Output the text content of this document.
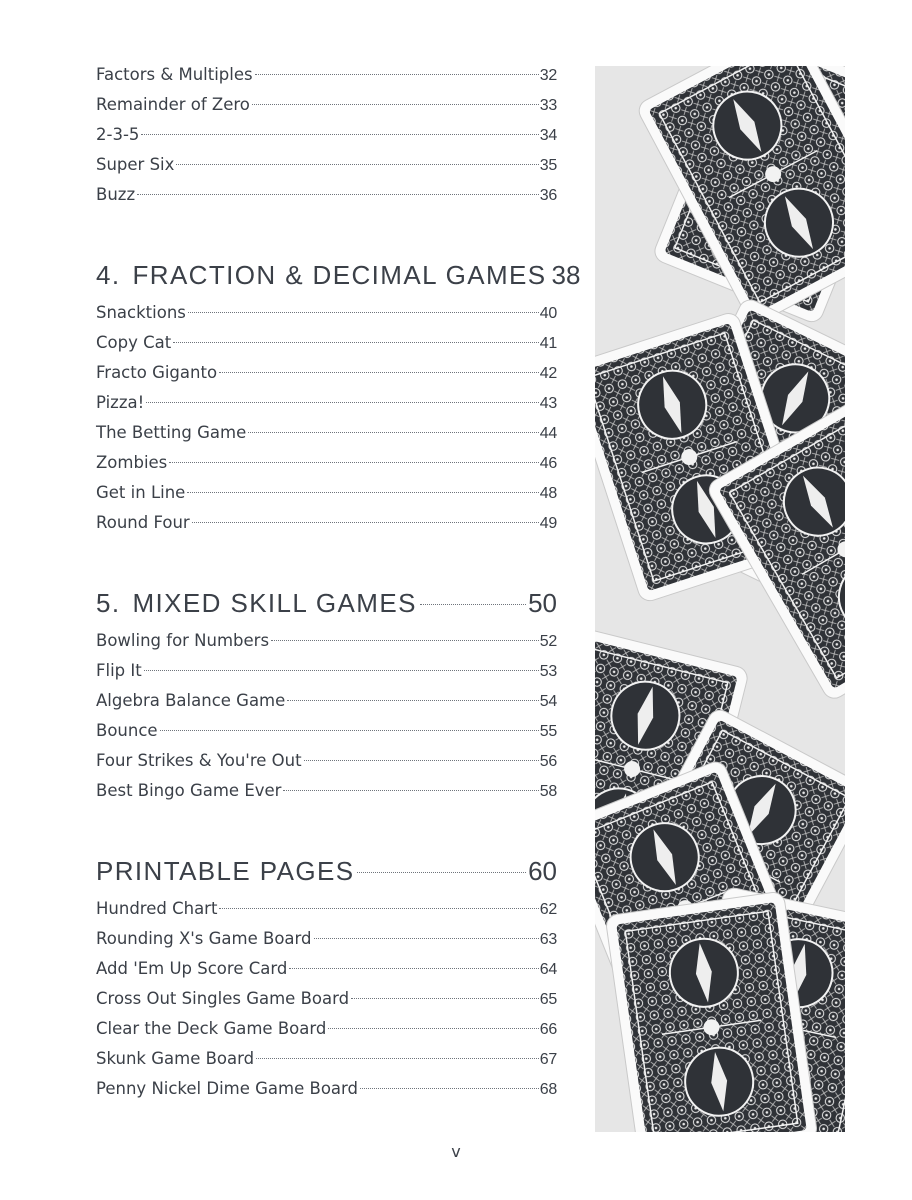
Factors & Multiples	32
Remainder of Zero	33
2-3-5	34
Super Six	35
Buzz	36
4. FRACTION & DECIMAL GAMES 38
Snacktions	40
Copy Cat	41
Fracto Giganto	42
Pizza!	43
The Betting Game	44
Zombies	46
Get in Line	48
Round Four	49
5. MIXED SKILL GAMES	50
Bowling for Numbers	52
Flip It	53
Algebra Balance Game	54
Bounce	55
Four Strikes & You're Out	56
Best Bingo Game Ever	58
PRINTABLE PAGES	60
Hundred Chart	62
Rounding X's Game Board	63
Add 'Em Up Score Card	64
Cross Out Singles Game Board	65
Clear the Deck Game Board	66
Skunk Game Board	67
Penny Nickel Dime Game Board	68
v
